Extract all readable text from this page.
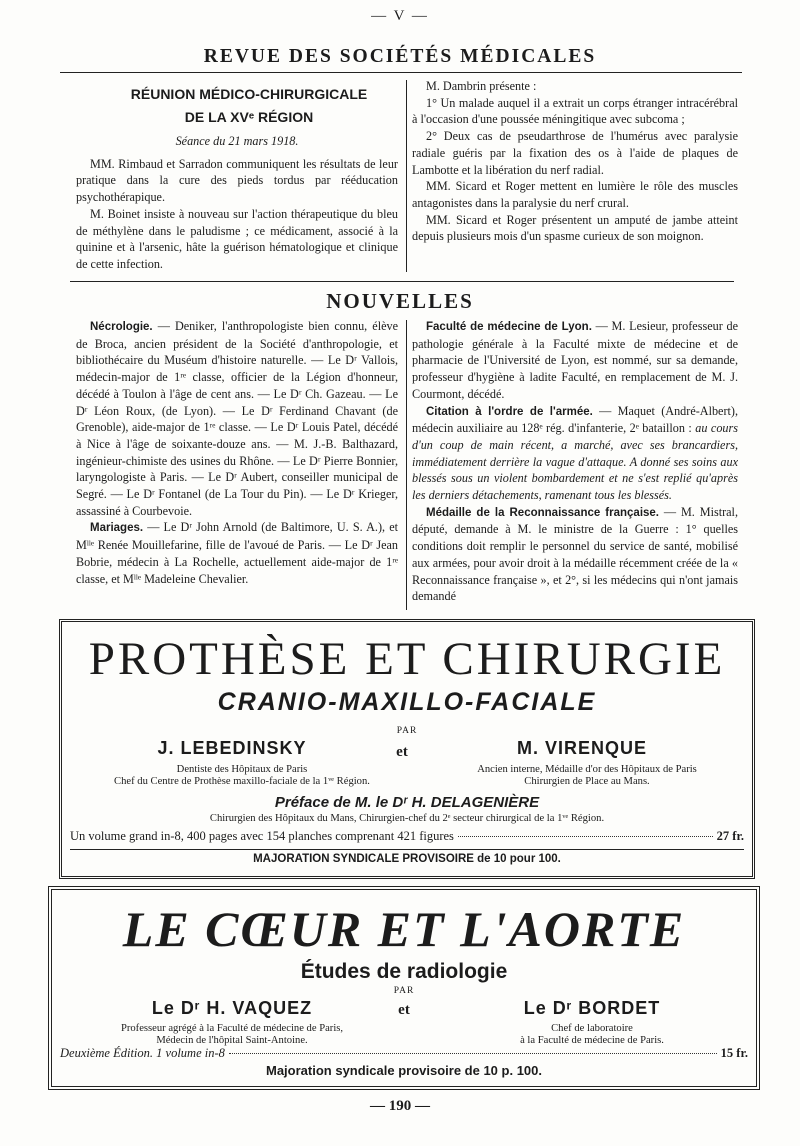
— V —
REVUE DES SOCIÉTÉS MÉDICALES
RÉUNION MÉDICO-CHIRURGICALE
DE LA XVᵉ RÉGION

Séance du 21 mars 1918.

MM. Rimbaud et Sarradon communiquent les résultats de leur pratique dans la cure des pieds tordus par rééducation psychothérapique.

M. Boinet insiste à nouveau sur l'action thérapeutique du bleu de méthylène dans le paludisme ; ce médicament, associé à la quinine et à l'arsenic, hâte la guérison hématologique et clinique de cette infection.

M. Dambrin présente :

1° Un malade auquel il a extrait un corps étranger intracérébral à l'occasion d'une poussée méningitique avec subcoma ;

2° Deux cas de pseudarthrose de l'humérus avec paralysie radiale guéris par la fixation des os à l'aide de plaques de Lambotte et la libération du nerf radial.

MM. Sicard et Roger mettent en lumière le rôle des muscles antagonistes dans la paralysie du nerf crural.

MM. Sicard et Roger présentent un amputé de jambe atteint depuis plusieurs mois d'un spasme curieux de son moignon.

NOUVELLES

Nécrologie. — Deniker, l'anthropologiste bien connu, élève de Broca, ancien président de la Société d'anthropologie, et bibliothécaire du Muséum d'histoire naturelle. — Le Dʳ Vallois, médecin-major de 1ʳᵉ classe, officier de la Légion d'honneur, décédé à Toulon à l'âge de cent ans. — Le Dʳ Ch. Gazeau. — Le Dʳ Léon Roux, (de Lyon). — Le Dʳ Ferdinand Chavant (de Grenoble), aide-major de 1ʳᵉ classe. — Le Dʳ Louis Patel, décédé à Nice à l'âge de soixante-douze ans. — M. J.-B. Balthazard, ingénieur-chimiste des usines du Rhône. — Le Dʳ Pierre Bonnier, laryngologiste à Paris. — Le Dʳ Aubert, conseiller municipal de Segré. — Le Dʳ Fontanel (de La Tour du Pin). — Le Dʳ Krieger, assassiné à Courbevoie.

Mariages. — Le Dʳ John Arnold (de Baltimore, U. S. A.), et Mˡˡᵉ Renée Mouillefarine, fille de l'avoué de Paris. — Le Dʳ Jean Bobrie, médecin à La Rochelle, actuellement aide-major de 1ʳᵉ classe, et Mˡˡᵉ Madeleine Chevalier.

Faculté de médecine de Lyon. — M. Lesieur, professeur de pathologie générale à la Faculté mixte de médecine et de pharmacie de l'Université de Lyon, est nommé, sur sa demande, professeur d'hygiène à ladite Faculté, en remplacement de M. J. Courmont, décédé.

Citation à l'ordre de l'armée. — Maquet (André-Albert), médecin auxiliaire au 128ᵉ rég. d'infanterie, 2ᵉ bataillon : au cours d'un coup de main récent, a marché, avec ses brancardiers, immédiatement derrière la vague d'attaque. A donné ses soins aux blessés sous un violent bombardement et ne s'est replié qu'après les derniers détachements, ramenant tous les blessés.

Médaille de la Reconnaissance française. — M. Mistral, député, demande à M. le ministre de la Guerre : 1° quelles conditions doit remplir le personnel du service de santé, mobilisé aux armées, pour avoir droit à la médaille récemment créée de la « Reconnaissance française », et 2°, si les médecins qui n'ont jamais demandé

PROTHÈSE ET CHIRURGIE
CRANIO-MAXILLO-FACIALE
PAR
J. LEBEDINSKY	et	M. VIRENQUE
Dentiste des Hôpitaux de Paris
Chef du Centre de Prothèse maxillo-faciale de la 1ᵛᵉ Région.
Ancien interne, Médaille d'or des Hôpitaux de Paris
Chirurgien de Place au Mans.
Préface de M. le Dʳ H. DELAGENIÈRE
Chirurgien des Hôpitaux du Mans, Chirurgien-chef du 2ᵉ secteur chirurgical de la 1ᵛᵉ Région.
Un volume grand in-8, 400 pages avec 154 planches comprenant 421 figures	27 fr.
MAJORATION SYNDICALE PROVISOIRE de 10 pour 100.
LE CŒUR ET L'AORTE
Études de radiologie
PAR
Le Dʳ H. VAQUEZ	et	Le Dʳ BORDET
Professeur agrégé à la Faculté de médecine de Paris,
Médecin de l'hôpital Saint-Antoine.
Chef de laboratoire
à la Faculté de médecine de Paris.
Deuxième Édition. 1 volume in-8	15 fr.
Majoration syndicale provisoire de 10 p. 100.
— 190 —
